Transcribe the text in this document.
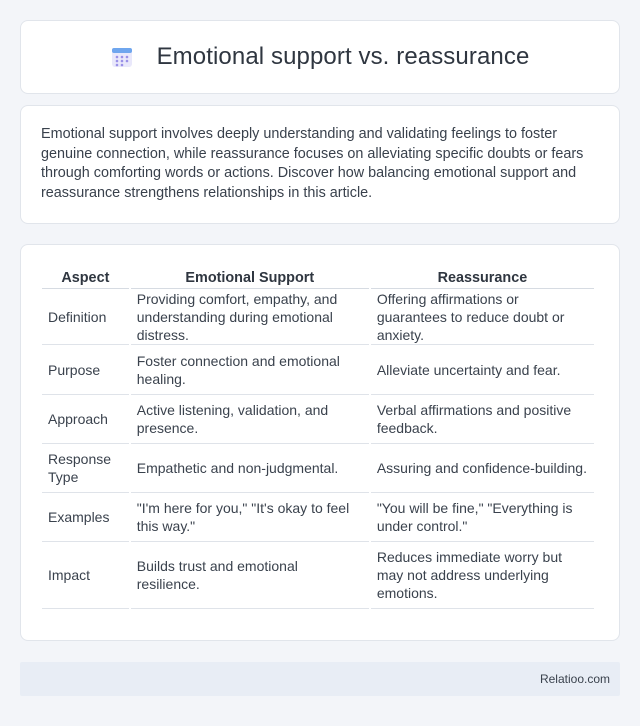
Emotional support vs. reassurance

Emotional support involves deeply understanding and validating feelings to foster genuine connection, while reassurance focuses on alleviating specific doubts or fears through comforting words or actions. Discover how balancing emotional support and reassurance strengthens relationships in this article.

Aspect	Emotional Support	Reassurance
Definition	Providing comfort, empathy, and understanding during emotional distress.	Offering affirmations or guarantees to reduce doubt or anxiety.
Purpose	Foster connection and emotional healing.	Alleviate uncertainty and fear.
Approach	Active listening, validation, and presence.	Verbal affirmations and positive feedback.
Response Type	Empathetic and non-judgmental.	Assuring and confidence-building.
Examples	"I'm here for you," "It's okay to feel this way."	"You will be fine," "Everything is under control."
Impact	Builds trust and emotional resilience.	Reduces immediate worry but may not address underlying emotions.
Relatioo.com
